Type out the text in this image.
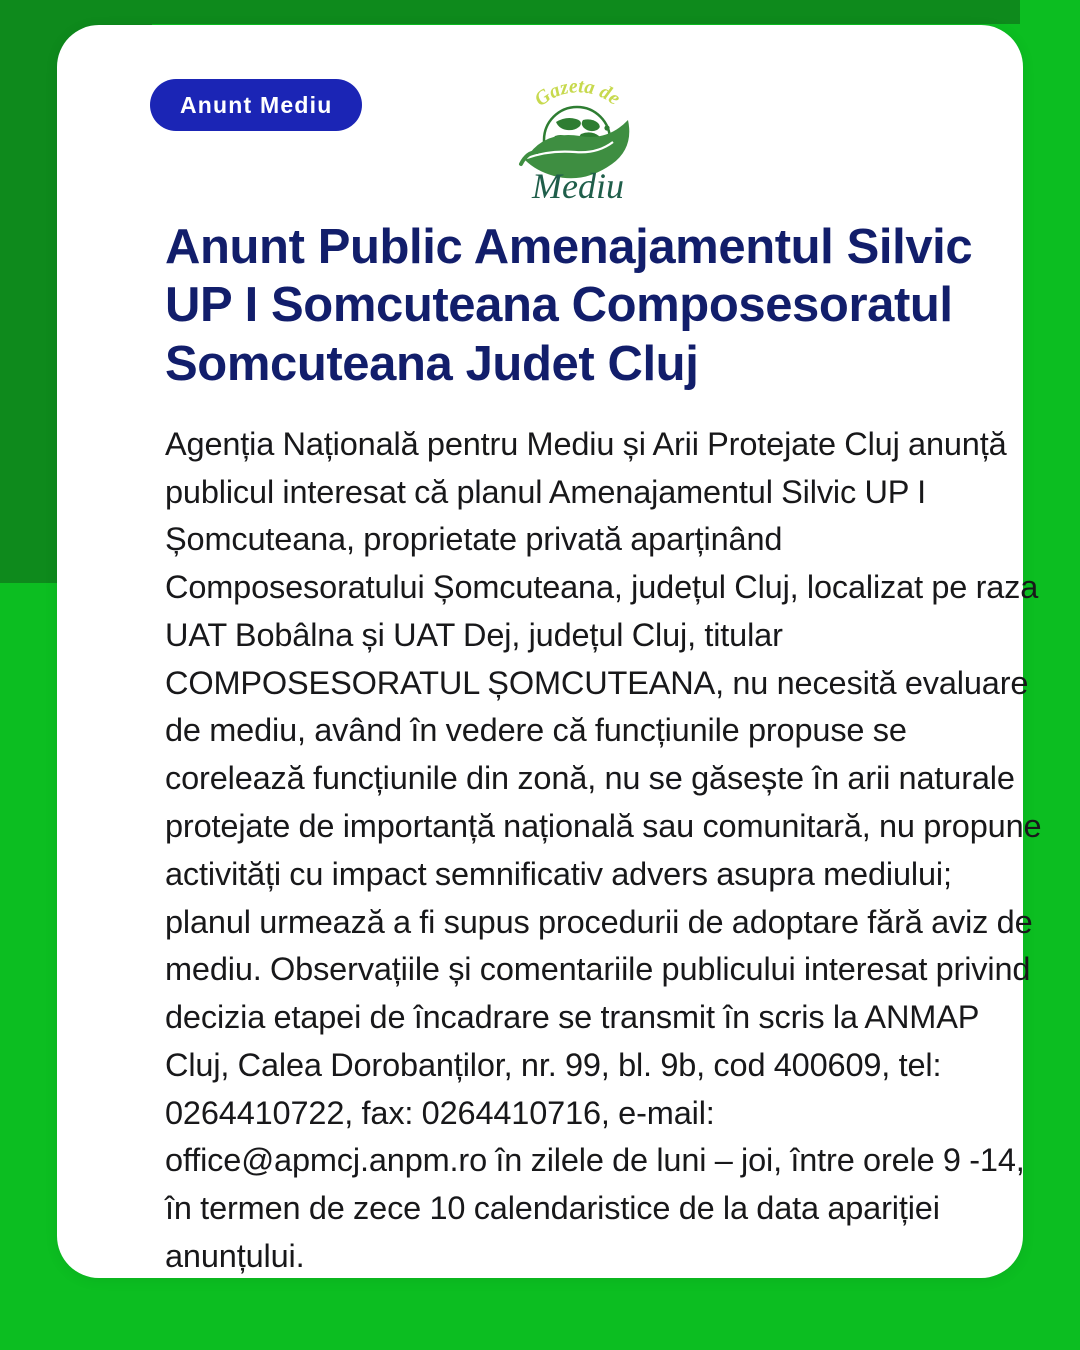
Anunt Mediu	Gazeta de
Mediu
Anunt Public Amenajamentul Silvic UP I Somcuteana Composesoratul Somcuteana Judet Cluj

Agenția Națională pentru Mediu și Arii Protejate Cluj anunță publicul interesat că planul Amenajamentul Silvic UP I Șomcuteana, proprietate privată aparținând Composesoratului Șomcuteana, județul Cluj, localizat pe raza UAT Bobâlna și UAT Dej, județul Cluj, titular COMPOSESORATUL ȘOMCUTEANA, nu necesită evaluare de mediu, având în vedere că funcțiunile propuse se corelează funcțiunile din zonă, nu se găsește în arii naturale protejate de importanță națională sau comunitară, nu propune activități cu impact semnificativ advers asupra mediului; planul urmează a fi supus procedurii de adoptare fără aviz de mediu. Observațiile și comentariile publicului interesat privind decizia etapei de încadrare se transmit în scris la ANMAP Cluj, Calea Dorobanților, nr. 99, bl. 9b, cod 400609, tel: 0264410722, fax: 0264410716, e-mail: office@apmcj.anpm.ro în zilele de luni – joi, între orele 9 -14, în termen de zece 10 calendaristice de la data apariției anunțului.
